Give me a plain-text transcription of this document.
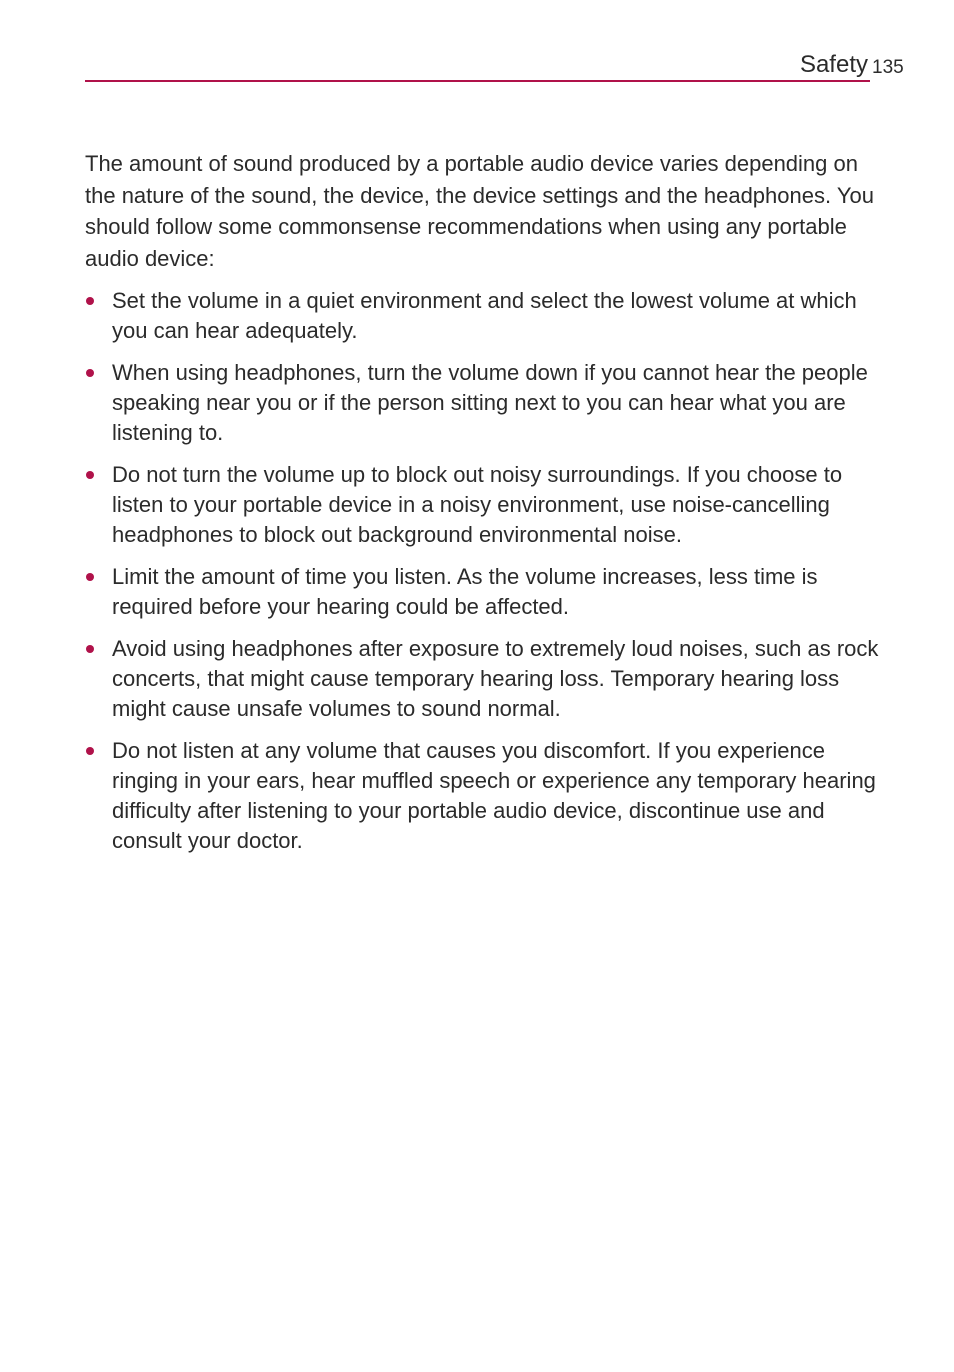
Safety 135

The amount of sound produced by a portable audio device varies depending on the nature of the sound, the device, the device settings and the headphones. You should follow some commonsense recommendations when using any portable audio device:

Set the volume in a quiet environment and select the lowest volume at which you can hear adequately.
When using headphones, turn the volume down if you cannot hear the people speaking near you or if the person sitting next to you can hear what you are listening to.
Do not turn the volume up to block out noisy surroundings. If you choose to listen to your portable device in a noisy environment, use noise-cancelling headphones to block out background environmental noise.
Limit the amount of time you listen. As the volume increases, less time is required before your hearing could be affected.
Avoid using headphones after exposure to extremely loud noises, such as rock concerts, that might cause temporary hearing loss. Temporary hearing loss might cause unsafe volumes to sound normal.
Do not listen at any volume that causes you discomfort. If you experience ringing in your ears, hear muffled speech or experience any temporary hearing difficulty after listening to your portable audio device, discontinue use and consult your doctor.
